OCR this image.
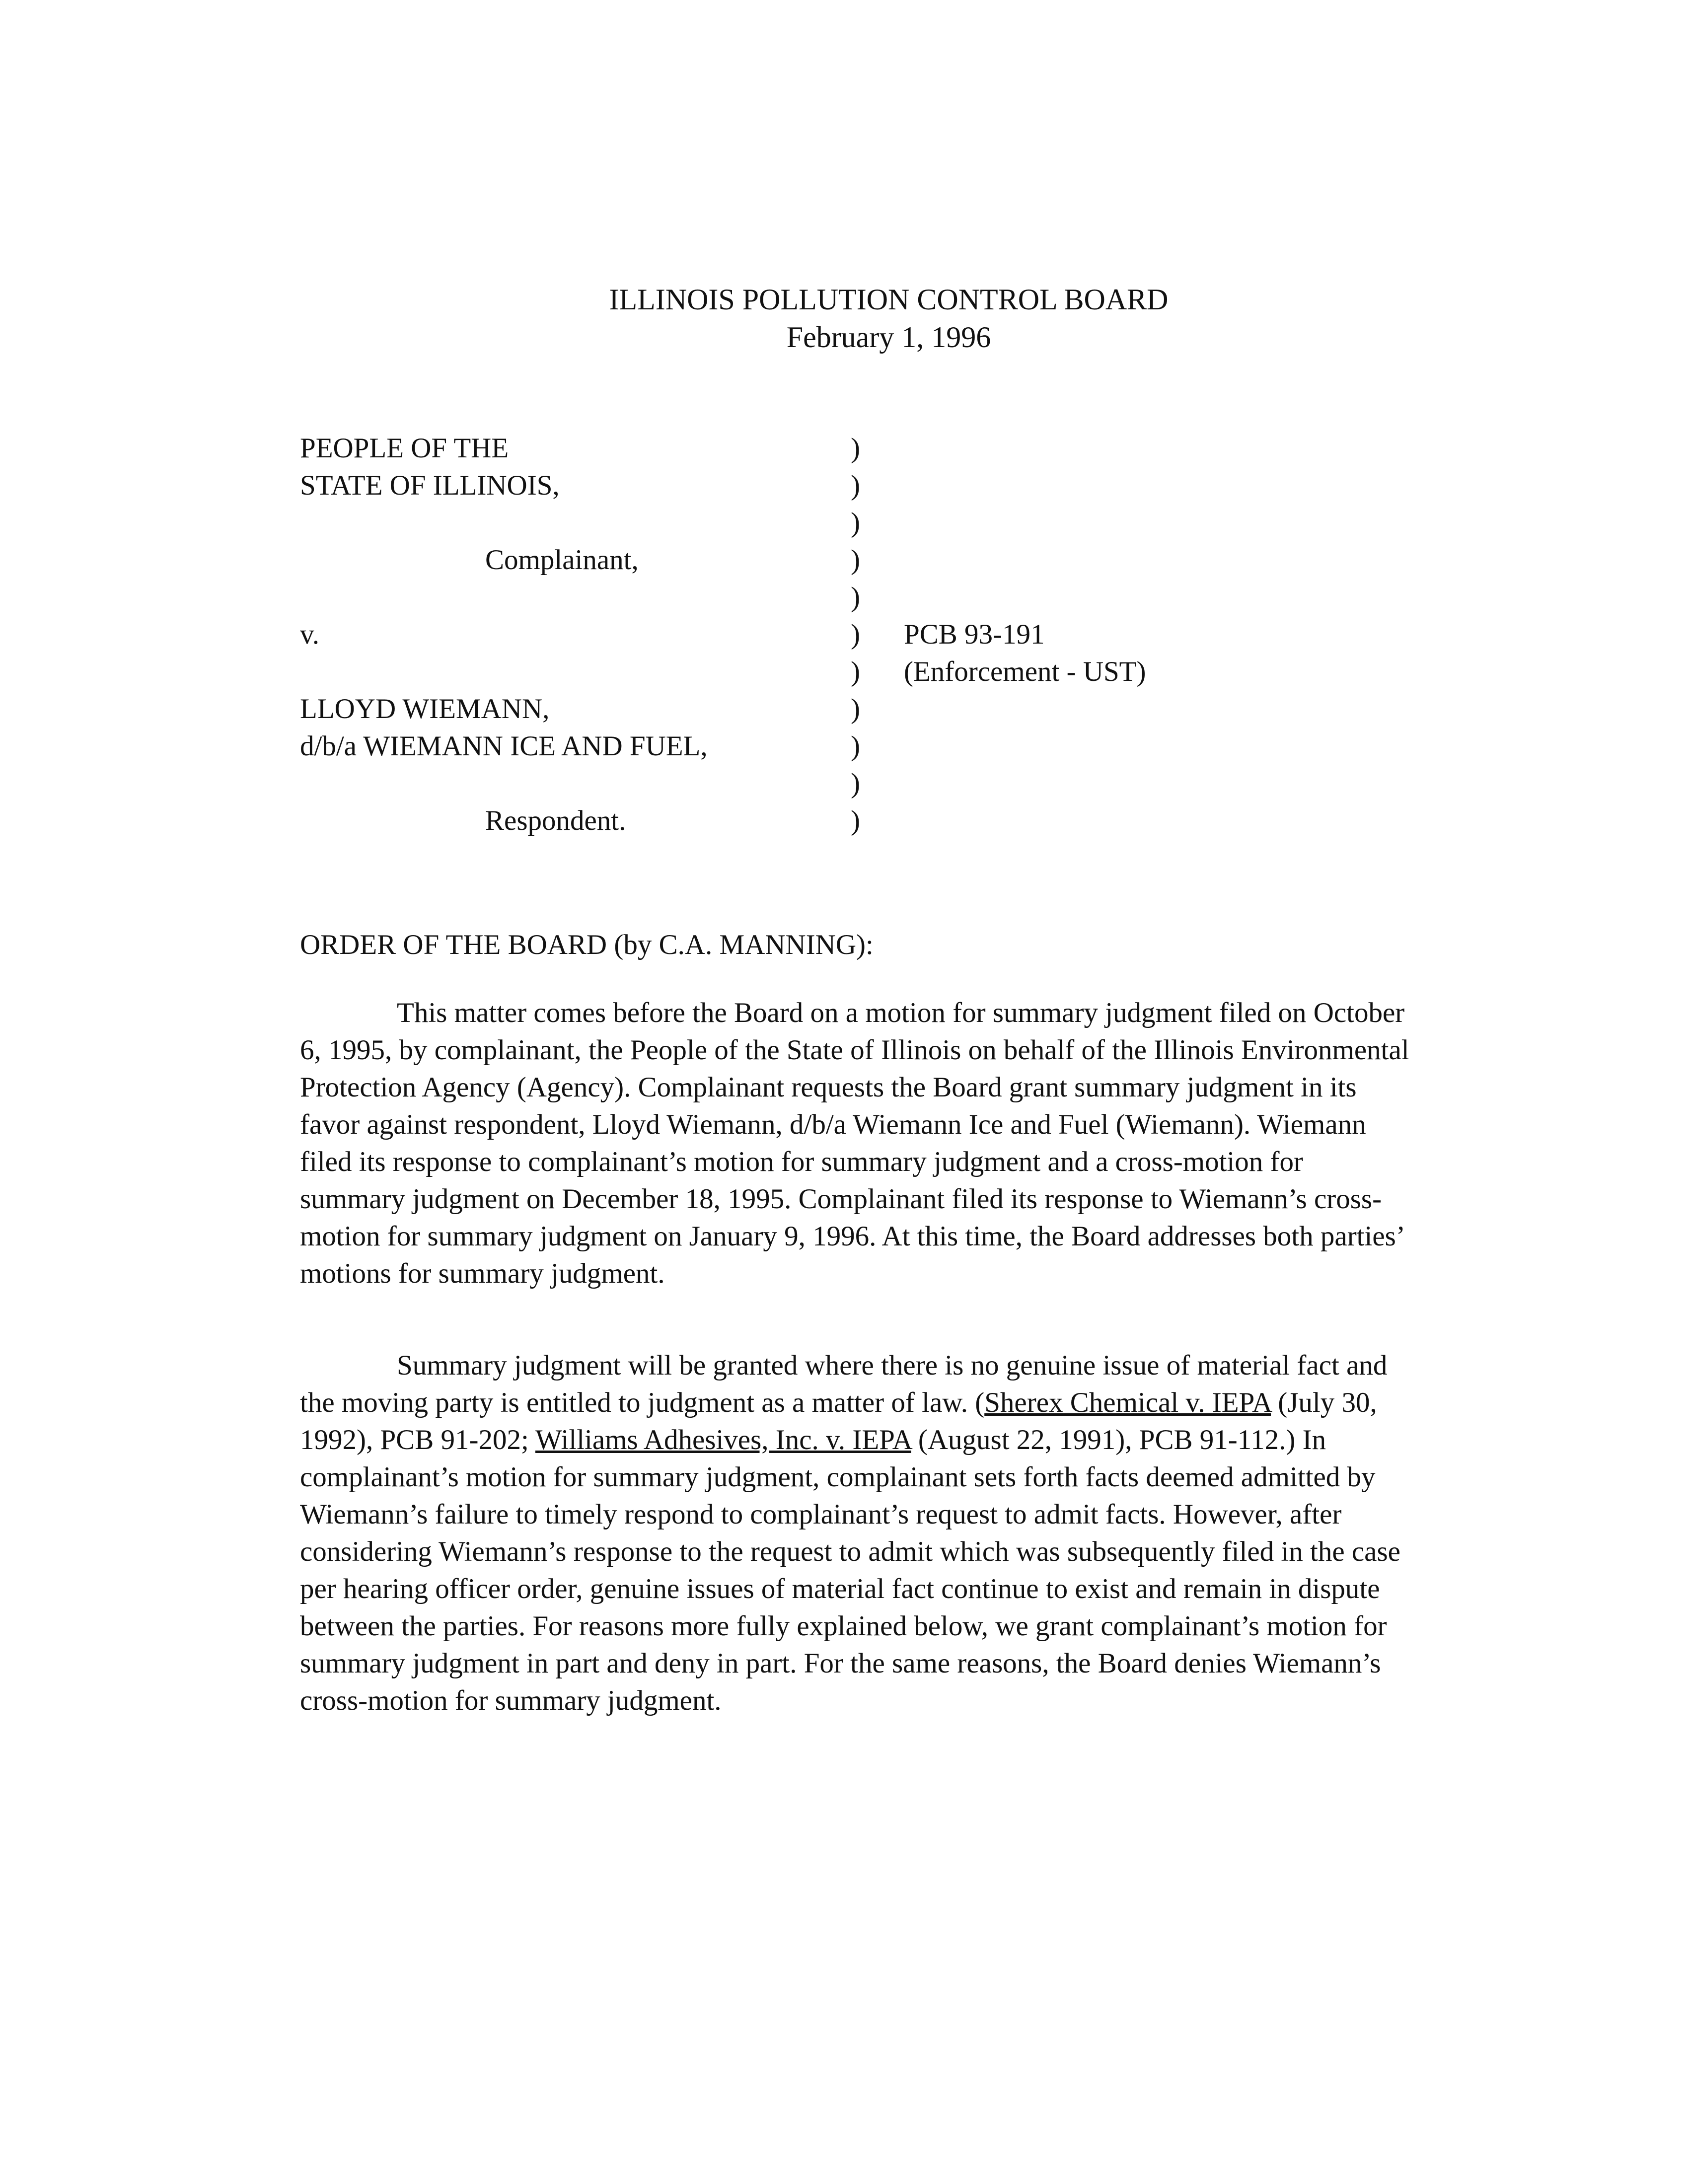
ILLINOIS POLLUTION CONTROL BOARD
February 1, 1996
PEOPLE OF THE
STATE OF ILLINOIS,
Complainant,
v.
LLOYD WIEMANN,
d/b/a WIEMANN ICE AND FUEL,
Respondent.
)
)
)
)
)
)
)
)
)
)
)
PCB 93-191
(Enforcement - UST)
ORDER OF THE BOARD (by C.A. MANNING):

This matter comes before the Board on a motion for summary judgment filed on October 6, 1995, by complainant, the People of the State of Illinois on behalf of the Illinois Environmental Protection Agency (Agency). Complainant requests the Board grant summary judgment in its favor against respondent, Lloyd Wiemann, d/b/a Wiemann Ice and Fuel (Wiemann). Wiemann filed its response to complainant’s motion for summary judgment and a cross-motion for summary judgment on December 18, 1995. Complainant filed its response to Wiemann’s cross-motion for summary judgment on January 9, 1996. At this time, the Board addresses both parties’ motions for summary judgment.

Summary judgment will be granted where there is no genuine issue of material fact and the moving party is entitled to judgment as a matter of law. (Sherex Chemical v. IEPA (July 30, 1992), PCB 91-202; Williams Adhesives, Inc. v. IEPA (August 22, 1991), PCB 91-112.) In complainant’s motion for summary judgment, complainant sets forth facts deemed admitted by Wiemann’s failure to timely respond to complainant’s request to admit facts. However, after considering Wiemann’s response to the request to admit which was subsequently filed in the case per hearing officer order, genuine issues of material fact continue to exist and remain in dispute between the parties. For reasons more fully explained below, we grant complainant’s motion for summary judgment in part and deny in part. For the same reasons, the Board denies Wiemann’s cross-motion for summary judgment.
